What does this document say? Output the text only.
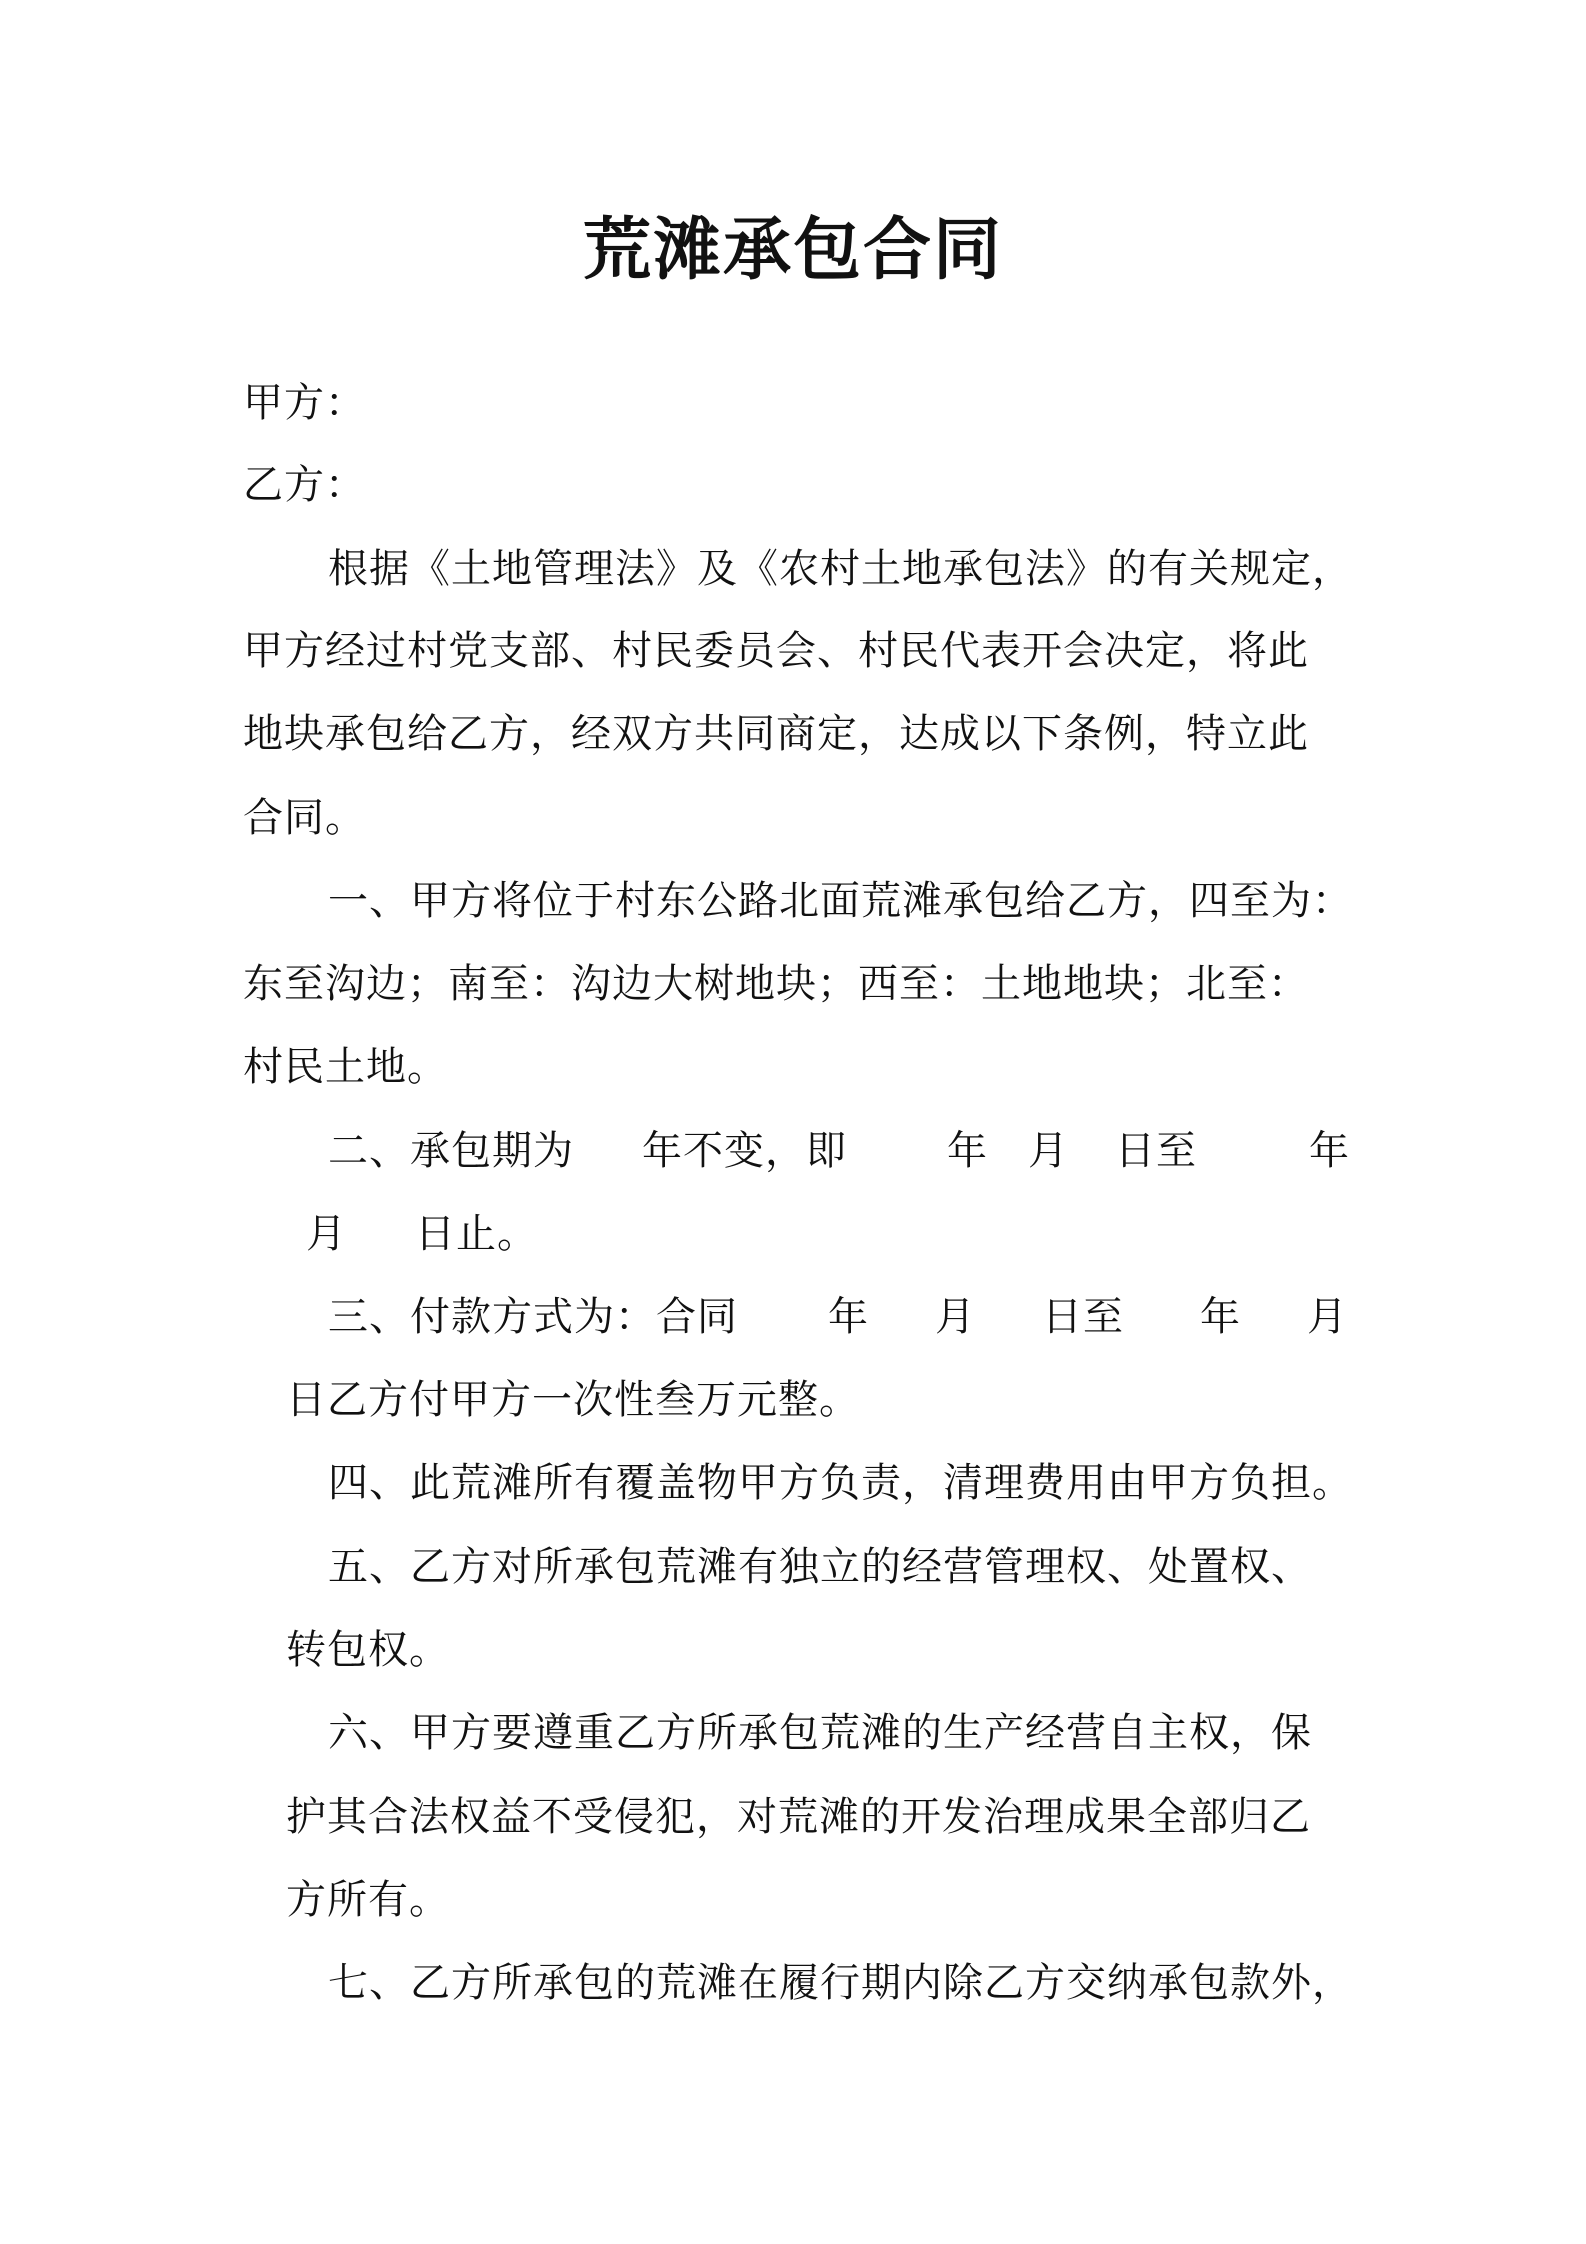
荒滩承包合同
甲方：
乙方：
根据《土地管理法》及《农村土地承包法》的有关规定，
甲方经过村党支部、村民委员会、村民代表开会决定，将此
地块承包给乙方，经双方共同商定，达成以下条例，特立此
合同。
一、甲方将位于村东公路北面荒滩承包给乙方，四至为：
东至沟边；南至：沟边大树地块；西至：土地地块；北至：
村民土地。
二、承包期为 年不变，即	年 月 日至	年
月 日止。
三、付款方式为：合同 年 月 日至 年 月
日乙方付甲方一次性叁万元整。
四、此荒滩所有覆盖物甲方负责，清理费用由甲方负担。
五、乙方对所承包荒滩有独立的经营管理权、处置权、
转包权。
六、甲方要遵重乙方所承包荒滩的生产经营自主权，保
护其合法权益不受侵犯，对荒滩的开发治理成果全部归乙
方所有。
七、乙方所承包的荒滩在履行期内除乙方交纳承包款外，
